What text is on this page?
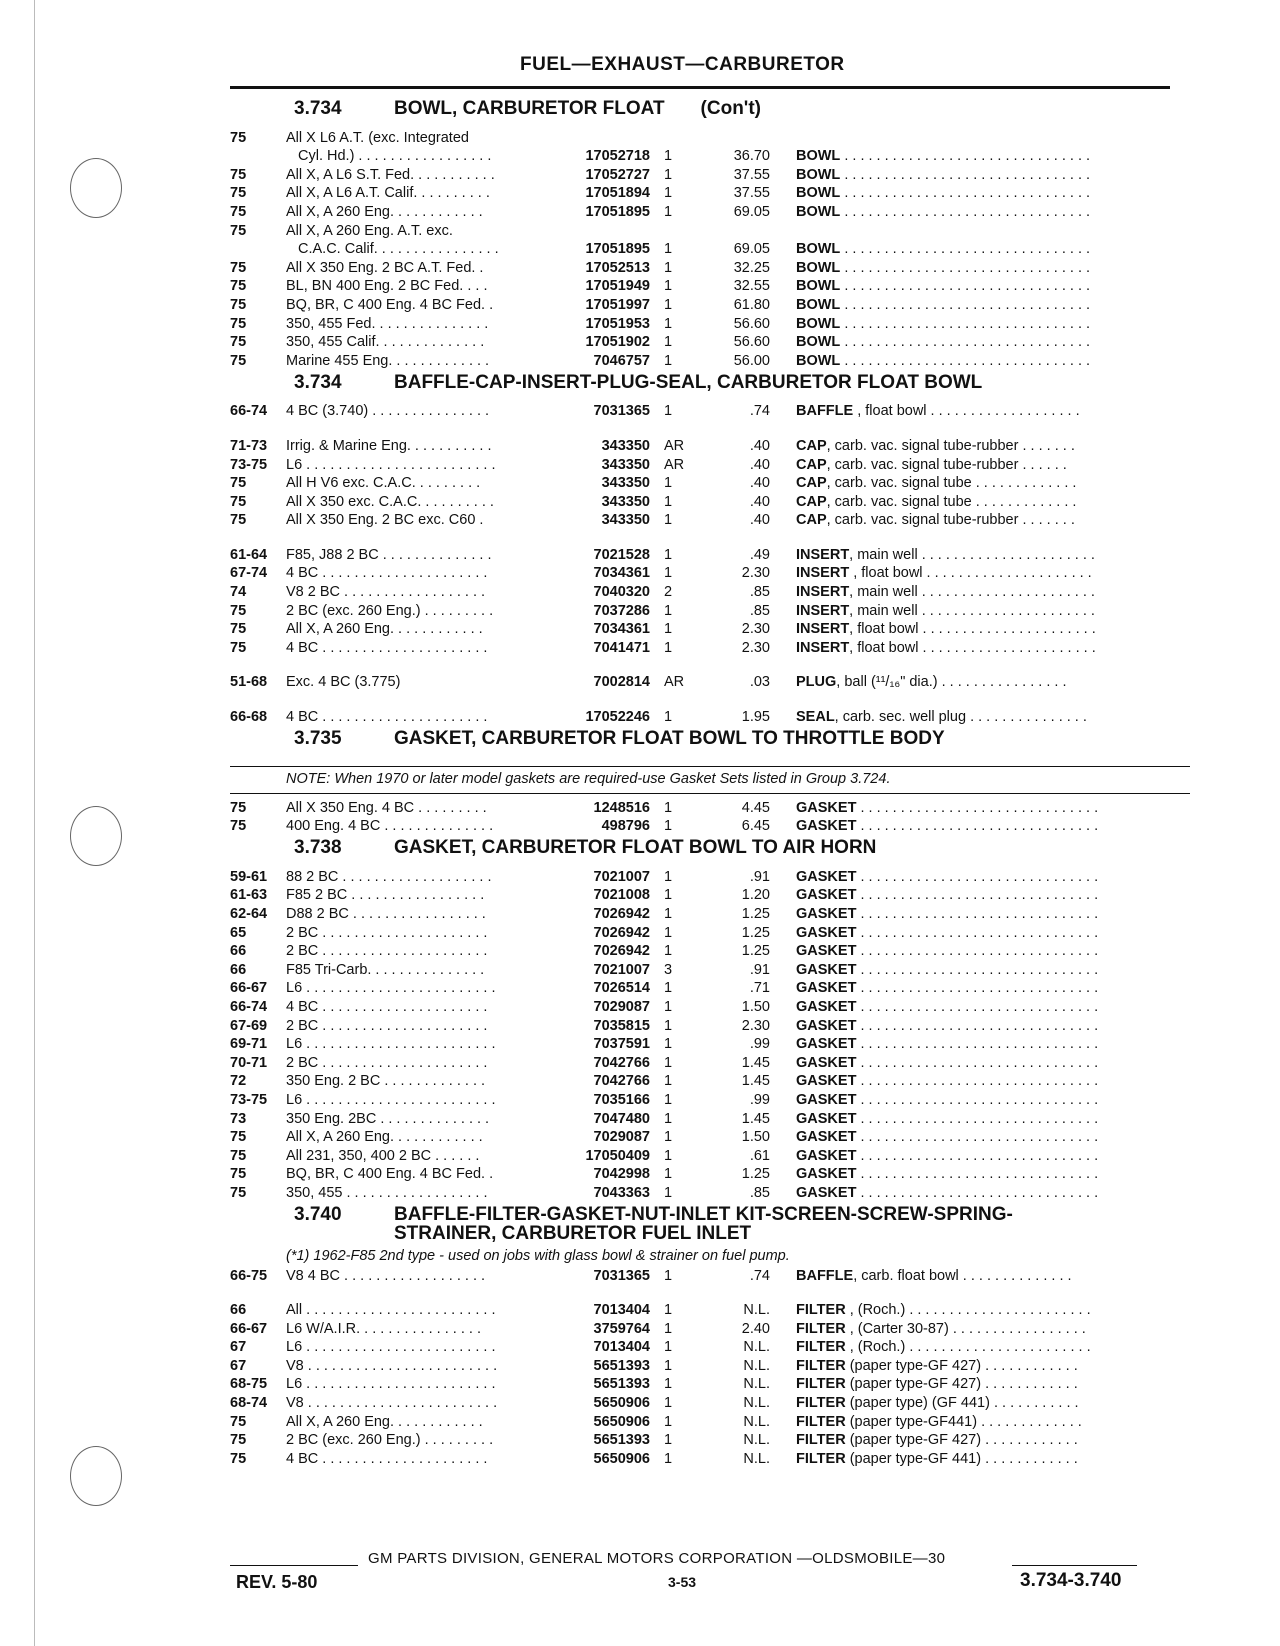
FUEL—EXHAUST—CARBURETOR
3.734	BOWL, CARBURETOR FLOAT (Con't)
75	All X L6 A.T. (exc. Integrated
Cyl. Hd.) . . . . . . . . . . . . . . . . .	17052718 1	36.70	BOWL . . . . . . . . . . . . . . . . . . . . . . . . . . . . . . .
75	All X, A L6 S.T. Fed. . . . . . . . . . .	17052727 1	37.55	BOWL . . . . . . . . . . . . . . . . . . . . . . . . . . . . . . .
75	All X, A L6 A.T. Calif. . . . . . . . . .	17051894 1	37.55	BOWL . . . . . . . . . . . . . . . . . . . . . . . . . . . . . . .
75	All X, A 260 Eng. . . . . . . . . . . .	17051895 1	69.05	BOWL . . . . . . . . . . . . . . . . . . . . . . . . . . . . . . .
75	All X, A 260 Eng. A.T. exc.
C.A.C. Calif. . . . . . . . . . . . . . . .	17051895 1	69.05	BOWL . . . . . . . . . . . . . . . . . . . . . . . . . . . . . . .
75	All X 350 Eng. 2 BC A.T. Fed. .	17052513 1	32.25	BOWL . . . . . . . . . . . . . . . . . . . . . . . . . . . . . . .
75	BL, BN 400 Eng. 2 BC Fed. . . .	17051949 1	32.55	BOWL . . . . . . . . . . . . . . . . . . . . . . . . . . . . . . .
75	BQ, BR, C 400 Eng. 4 BC Fed. .	17051997 1	61.80	BOWL . . . . . . . . . . . . . . . . . . . . . . . . . . . . . . .
75	350, 455 Fed. . . . . . . . . . . . . . .	17051953 1	56.60	BOWL . . . . . . . . . . . . . . . . . . . . . . . . . . . . . . .
75	350, 455 Calif. . . . . . . . . . . . . .	17051902 1	56.60	BOWL . . . . . . . . . . . . . . . . . . . . . . . . . . . . . . .
75	Marine 455 Eng. . . . . . . . . . . . .	7046757 1	56.00	BOWL . . . . . . . . . . . . . . . . . . . . . . . . . . . . . . .
3.734	BAFFLE-CAP-INSERT-PLUG-SEAL, CARBURETOR FLOAT BOWL
66-74	4 BC (3.740) . . . . . . . . . . . . . . .	7031365 1	.74	BAFFLE , float bowl . . . . . . . . . . . . . . . . . . .
71-73	Irrig. & Marine Eng. . . . . . . . . . .	343350 AR	.40	CAP, carb. vac. signal tube-rubber . . . . . . .
73-75	L6 . . . . . . . . . . . . . . . . . . . . . . . .	343350 AR	.40	CAP, carb. vac. signal tube-rubber . . . . . .
75	All H V6 exc. C.A.C. . . . . . . . .	343350 1	.40	CAP, carb. vac. signal tube . . . . . . . . . . . . .
75	All X 350 exc. C.A.C. . . . . . . . . .	343350 1	.40	CAP, carb. vac. signal tube . . . . . . . . . . . . .
75	All X 350 Eng. 2 BC exc. C60 .	343350 1	.40	CAP, carb. vac. signal tube-rubber . . . . . . .
61-64	F85, J88 2 BC . . . . . . . . . . . . . .	7021528 1	.49	INSERT, main well . . . . . . . . . . . . . . . . . . . . . .
67-74	4 BC . . . . . . . . . . . . . . . . . . . . .	7034361 1	2.30	INSERT , float bowl . . . . . . . . . . . . . . . . . . . . .
74	V8 2 BC . . . . . . . . . . . . . . . . . .	7040320 2	.85	INSERT, main well . . . . . . . . . . . . . . . . . . . . . .
75	2 BC (exc. 260 Eng.) . . . . . . . . .	7037286 1	.85	INSERT, main well . . . . . . . . . . . . . . . . . . . . . .
75	All X, A 260 Eng. . . . . . . . . . . .	7034361 1	2.30	INSERT, float bowl . . . . . . . . . . . . . . . . . . . . . .
75	4 BC . . . . . . . . . . . . . . . . . . . . .	7041471 1	2.30	INSERT, float bowl . . . . . . . . . . . . . . . . . . . . . .
51-68	Exc. 4 BC (3.775)	7002814 AR	.03	PLUG, ball (¹¹/₁₆" dia.) . . . . . . . . . . . . . . . .
66-68	4 BC . . . . . . . . . . . . . . . . . . . . .	17052246 1	1.95	SEAL, carb. sec. well plug . . . . . . . . . . . . . . .
3.735	GASKET, CARBURETOR FLOAT BOWL TO THROTTLE BODY
NOTE: When 1970 or later model gaskets are required-use Gasket Sets listed in Group 3.724.
75	All X 350 Eng. 4 BC . . . . . . . . .	1248516 1	4.45	GASKET . . . . . . . . . . . . . . . . . . . . . . . . . . . . . .
75	400 Eng. 4 BC . . . . . . . . . . . . . .	498796 1	6.45	GASKET . . . . . . . . . . . . . . . . . . . . . . . . . . . . . .
3.738	GASKET, CARBURETOR FLOAT BOWL TO AIR HORN
59-61	88 2 BC . . . . . . . . . . . . . . . . . . .	7021007 1	.91	GASKET . . . . . . . . . . . . . . . . . . . . . . . . . . . . . .
61-63	F85 2 BC . . . . . . . . . . . . . . . . .	7021008 1	1.20	GASKET . . . . . . . . . . . . . . . . . . . . . . . . . . . . . .
62-64	D88 2 BC . . . . . . . . . . . . . . . . .	7026942 1	1.25	GASKET . . . . . . . . . . . . . . . . . . . . . . . . . . . . . .
65	2 BC . . . . . . . . . . . . . . . . . . . . .	7026942 1	1.25	GASKET . . . . . . . . . . . . . . . . . . . . . . . . . . . . . .
66	2 BC . . . . . . . . . . . . . . . . . . . . .	7026942 1	1.25	GASKET . . . . . . . . . . . . . . . . . . . . . . . . . . . . . .
66	F85 Tri-Carb. . . . . . . . . . . . . . .	7021007 3	.91	GASKET . . . . . . . . . . . . . . . . . . . . . . . . . . . . . .
66-67	L6 . . . . . . . . . . . . . . . . . . . . . . . .	7026514 1	.71	GASKET . . . . . . . . . . . . . . . . . . . . . . . . . . . . . .
66-74	4 BC . . . . . . . . . . . . . . . . . . . . .	7029087 1	1.50	GASKET . . . . . . . . . . . . . . . . . . . . . . . . . . . . . .
67-69	2 BC . . . . . . . . . . . . . . . . . . . . .	7035815 1	2.30	GASKET . . . . . . . . . . . . . . . . . . . . . . . . . . . . . .
69-71	L6 . . . . . . . . . . . . . . . . . . . . . . . .	7037591 1	.99	GASKET . . . . . . . . . . . . . . . . . . . . . . . . . . . . . .
70-71	2 BC . . . . . . . . . . . . . . . . . . . . .	7042766 1	1.45	GASKET . . . . . . . . . . . . . . . . . . . . . . . . . . . . . .
72	350 Eng. 2 BC . . . . . . . . . . . . .	7042766 1	1.45	GASKET . . . . . . . . . . . . . . . . . . . . . . . . . . . . . .
73-75	L6 . . . . . . . . . . . . . . . . . . . . . . . .	7035166 1	.99	GASKET . . . . . . . . . . . . . . . . . . . . . . . . . . . . . .
73	350 Eng. 2BC . . . . . . . . . . . . . .	7047480 1	1.45	GASKET . . . . . . . . . . . . . . . . . . . . . . . . . . . . . .
75	All X, A 260 Eng. . . . . . . . . . . .	7029087 1	1.50	GASKET . . . . . . . . . . . . . . . . . . . . . . . . . . . . . .
75	All 231, 350, 400 2 BC . . . . . .	17050409 1	.61	GASKET . . . . . . . . . . . . . . . . . . . . . . . . . . . . . .
75	BQ, BR, C 400 Eng. 4 BC Fed. .	7042998 1	1.25	GASKET . . . . . . . . . . . . . . . . . . . . . . . . . . . . . .
75	350, 455 . . . . . . . . . . . . . . . . . .	7043363 1	.85	GASKET . . . . . . . . . . . . . . . . . . . . . . . . . . . . . .
3.740	BAFFLE-FILTER-GASKET-NUT-INLET KIT-SCREEN-SCREW-SPRING-
STRAINER, CARBURETOR FUEL INLET
(*1) 1962-F85 2nd type - used on jobs with glass bowl & strainer on fuel pump.
66-75	V8 4 BC . . . . . . . . . . . . . . . . . .	7031365 1	.74	BAFFLE, carb. float bowl . . . . . . . . . . . . . .
66	All . . . . . . . . . . . . . . . . . . . . . . . .	7013404 1	N.L.	FILTER , (Roch.) . . . . . . . . . . . . . . . . . . . . . . .
66-67	L6 W/A.I.R. . . . . . . . . . . . . . . .	3759764 1	2.40	FILTER , (Carter 30-87) . . . . . . . . . . . . . . . . .
67	L6 . . . . . . . . . . . . . . . . . . . . . . . .	7013404 1	N.L.	FILTER , (Roch.) . . . . . . . . . . . . . . . . . . . . . . .
67	V8 . . . . . . . . . . . . . . . . . . . . . . . .	5651393 1	N.L.	FILTER (paper type-GF 427) . . . . . . . . . . . .
68-75	L6 . . . . . . . . . . . . . . . . . . . . . . . .	5651393 1	N.L.	FILTER (paper type-GF 427) . . . . . . . . . . . .
68-74	V8 . . . . . . . . . . . . . . . . . . . . . . . .	5650906 1	N.L.	FILTER (paper type) (GF 441) . . . . . . . . . . .
75	All X, A 260 Eng. . . . . . . . . . . .	5650906 1	N.L.	FILTER (paper type-GF441) . . . . . . . . . . . . .
75	2 BC (exc. 260 Eng.) . . . . . . . . .	5651393 1	N.L.	FILTER (paper type-GF 427) . . . . . . . . . . . .
75	4 BC . . . . . . . . . . . . . . . . . . . . .	5650906 1	N.L.	FILTER (paper type-GF 441) . . . . . . . . . . . .
GM PARTS DIVISION, GENERAL MOTORS CORPORATION —OLDSMOBILE—30
REV. 5-80	3-53	3.734-3.740
